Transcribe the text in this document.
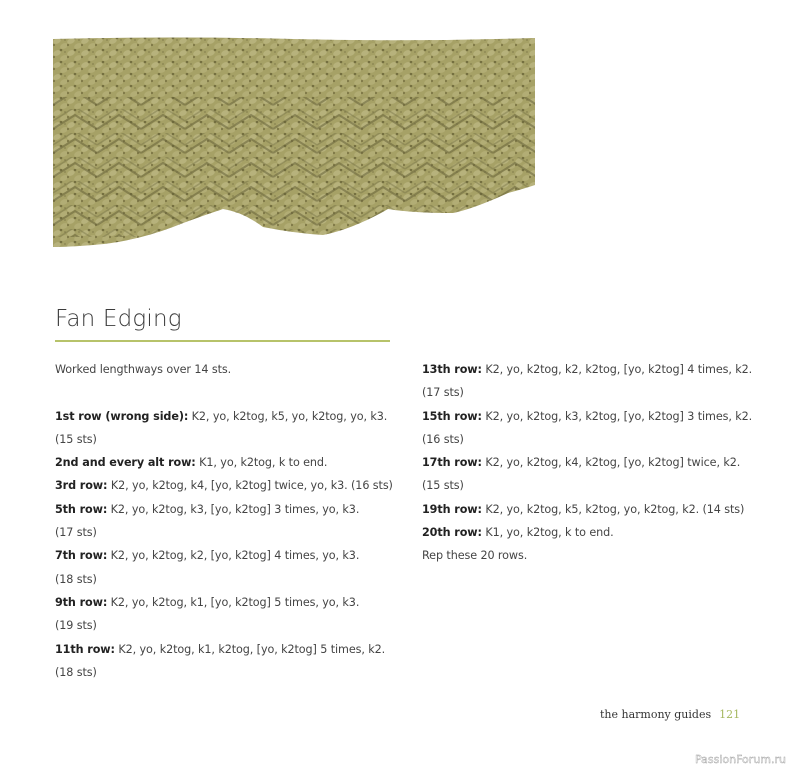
Fan Edging
Worked lengthways over 14 sts.
1st row (wrong side): K2, yo, k2tog, k5, yo, k2tog, yo, k3.
(15 sts)
2nd and every alt row: K1, yo, k2tog, k to end.
3rd row: K2, yo, k2tog, k4, [yo, k2tog] twice, yo, k3. (16 sts)
5th row: K2, yo, k2tog, k3, [yo, k2tog] 3 times, yo, k3.
(17 sts)
7th row: K2, yo, k2tog, k2, [yo, k2tog] 4 times, yo, k3.
(18 sts)
9th row: K2, yo, k2tog, k1, [yo, k2tog] 5 times, yo, k3.
(19 sts)
11th row: K2, yo, k2tog, k1, k2tog, [yo, k2tog] 5 times, k2.
(18 sts)
13th row: K2, yo, k2tog, k2, k2tog, [yo, k2tog] 4 times, k2.
(17 sts)
15th row: K2, yo, k2tog, k3, k2tog, [yo, k2tog] 3 times, k2.
(16 sts)
17th row: K2, yo, k2tog, k4, k2tog, [yo, k2tog] twice, k2.
(15 sts)
19th row: K2, yo, k2tog, k5, k2tog, yo, k2tog, k2. (14 sts)
20th row: K1, yo, k2tog, k to end.
Rep these 20 rows.
the harmony guides 121
PassionForum.ru
